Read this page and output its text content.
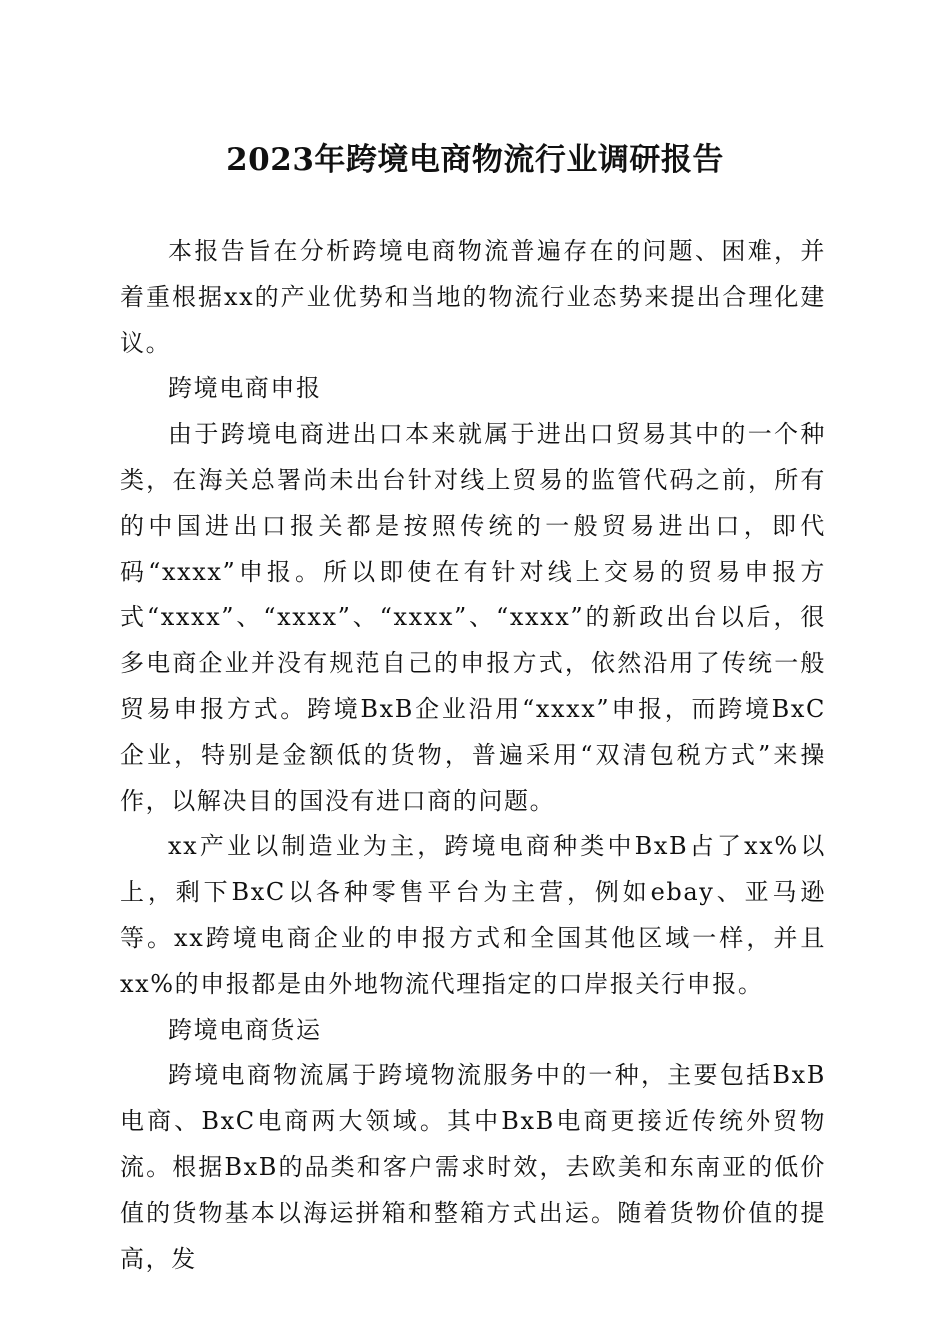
2023年跨境电商物流行业调研报告

本报告旨在分析跨境电商物流普遍存在的问题、困难，并着重根据xx的产业优势和当地的物流行业态势来提出合理化建议。

跨境电商申报

由于跨境电商进出口本来就属于进出口贸易其中的一个种类，在海关总署尚未出台针对线上贸易的监管代码之前，所有的中国进出口报关都是按照传统的一般贸易进出口，即代码“xxxx”申报。所以即使在有针对线上交易的贸易申报方式“xxxx”、“xxxx”、“xxxx”、“xxxx”的新政出台以后，很多电商企业并没有规范自己的申报方式，依然沿用了传统一般贸易申报方式。跨境BxB企业沿用“xxxx”申报，而跨境BxC企业，特别是金额低的货物，普遍采用“双清包税方式”来操作，以解决目的国没有进口商的问题。

xx产业以制造业为主，跨境电商种类中BxB占了xx%以上，剩下BxC以各种零售平台为主营，例如ebay、亚马逊等。xx跨境电商企业的申报方式和全国其他区域一样，并且xx%的申报都是由外地物流代理指定的口岸报关行申报。

跨境电商货运

跨境电商物流属于跨境物流服务中的一种，主要包括BxB电商、BxC电商两大领域。其中BxB电商更接近传统外贸物流。根据BxB的品类和客户需求时效，去欧美和东南亚的低价值的货物基本以海运拼箱和整箱方式出运。随着货物价值的提高，发
